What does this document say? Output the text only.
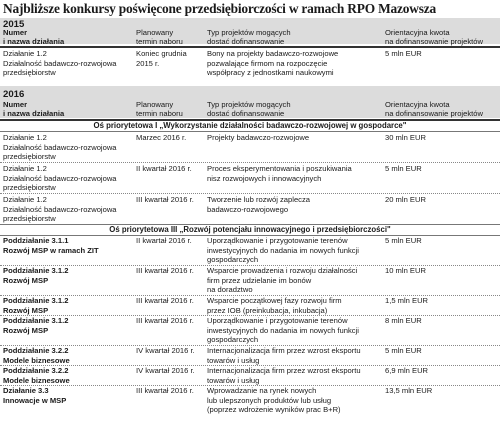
Najbliższe konkursy poświęcone przedsiębiorczości w ramach RPO Mazowsza
2015
Numer
i nazwa działania
Planowany
termin naboru
Typ projektów mogących
dostać dofinansowanie
Orientacyjna kwota
na dofinansowanie projektów
Działanie 1.2
Działalność badawczo-rozwojowa
przedsiębiorstw
Koniec grudnia
2015 r.
Bony na projekty badawczo-rozwojowe
pozwalające firmom na rozpoczęcie
współpracy z jednostkami naukowymi
5 mln EUR
2016
Numer
i nazwa działania
Planowany
termin naboru
Typ projektów mogących
dostać dofinansowanie
Orientacyjna kwota
na dofinansowanie projektów
Oś priorytetowa I „Wykorzystanie działalności badawczo-rozwojowej w gospodarce"
Działanie 1.2
Działalność badawczo-rozwojowa
przedsiębiorstw
Marzec 2016 r.	Projekty badawczo-rozwojowe	30 mln EUR
Działanie 1.2
Działalność badawczo-rozwojowa
przedsiębiorstw
II kwartał 2016 r. Proces eksperymentowania i poszukiwania
nisz rozwojowych i innowacyjnych
5 mln EUR
Działanie 1.2
Działalność badawczo-rozwojowa
przedsiębiorstw
III kwartał 2016 r. Tworzenie lub rozwój zaplecza
badawczo-rozwojowego
20 mln EUR
Oś priorytetowa III „Rozwój potencjału innowacyjnego i przedsiębiorczości"
Poddziałanie 3.1.1
Rozwój MSP w ramach ZIT
II kwartał 2016 r. Uporządkowanie i przygotowanie terenów
inwestycyjnych do nadania im nowych funkcji
gospodarczych
5 mln EUR
Poddziałanie 3.1.2
Rozwój MSP
III kwartał 2016 r. Wsparcie prowadzenia i rozwoju działalności
firm przez udzielanie im bonów
na doradztwo
10 mln EUR
Poddziałanie 3.1.2
Rozwój MSP
III kwartał 2016 r. Wsparcie początkowej fazy rozwoju firm
przez IOB (preinkubacja, inkubacja)
1,5 mln EUR
Poddziałanie 3.1.2
Rozwój MSP
III kwartał 2016 r. Uporządkowanie i przygotowanie terenów
inwestycyjnych do nadania im nowych funkcji
gospodarczych
8 mln EUR
Poddziałanie 3.2.2
Modele biznesowe
IV kwartał 2016 r. Internacjonalizacja firm przez wzrost eksportu
towarów i usług
5 mln EUR
Poddziałanie 3.2.2
Modele biznesowe
IV kwartał 2016 r. Internacjonalizacja firm przez wzrost eksportu
towarów i usług
6,9 mln EUR
Działanie 3.3
Innowacje w MSP
III kwartał 2016 r. Wprowadzanie na rynek nowych
lub ulepszonych produktów lub usług
(poprzez wdrożenie wyników prac B+R)
13,5 mln EUR
